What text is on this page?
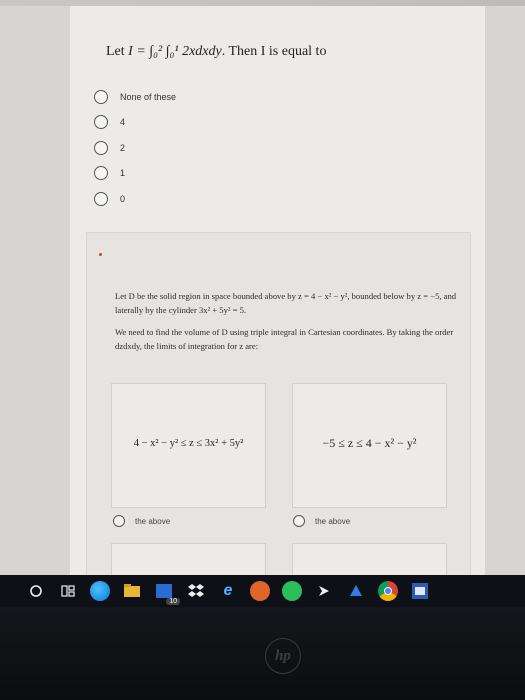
Let I = ∫₀² ∫₀¹ 2xdxdy. Then I is equal to
None of these
4
2
1
0

Let D be the solid region in space bounded above by z = 4 − x² − y², bounded below by z = −5, and laterally by the cylinder 3x² + 5y² = 5.

We need to find the volume of D using triple integral in Cartesian coordinates. By taking the order dzdxdy, the limits of integration for z are:

4 − x² − y² ≤ z ≤ 3x² + 5y²	−5 ≤ z ≤ 4 − x² − y²
the above	the above
10
e
hp
